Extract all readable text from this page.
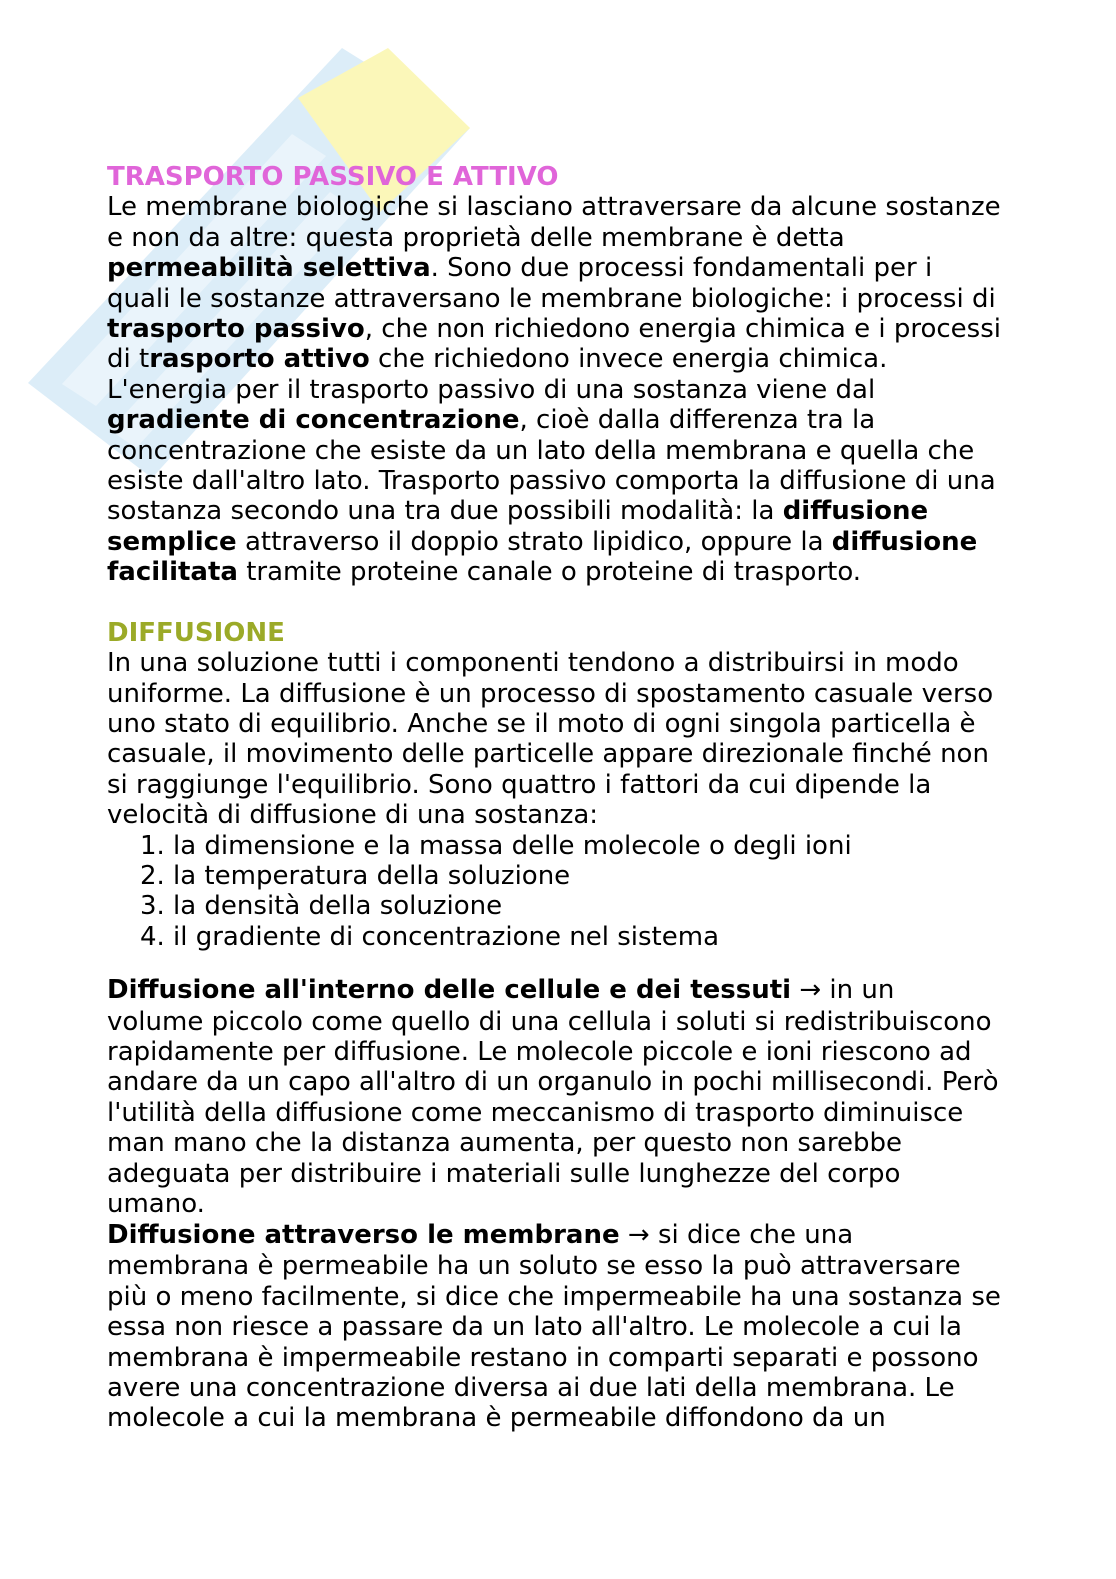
TRASPORTO PASSIVO E ATTIVO
Le membrane biologiche si lasciano attraversare da alcune sostanze
e non da altre: questa proprietà delle membrane è detta
permeabilità selettiva. Sono due processi fondamentali per i
quali le sostanze attraversano le membrane biologiche: i processi di
trasporto passivo, che non richiedono energia chimica e i processi
di trasporto attivo che richiedono invece energia chimica.
L'energia per il trasporto passivo di una sostanza viene dal
gradiente di concentrazione, cioè dalla differenza tra la
concentrazione che esiste da un lato della membrana e quella che
esiste dall'altro lato. Trasporto passivo comporta la diffusione di una
sostanza secondo una tra due possibili modalità: la diffusione
semplice attraverso il doppio strato lipidico, oppure la diffusione
facilitata tramite proteine canale o proteine di trasporto.
DIFFUSIONE
In una soluzione tutti i componenti tendono a distribuirsi in modo
uniforme. La diffusione è un processo di spostamento casuale verso
uno stato di equilibrio. Anche se il moto di ogni singola particella è
casuale, il movimento delle particelle appare direzionale finché non
si raggiunge l'equilibrio. Sono quattro i fattori da cui dipende la
velocità di diffusione di una sostanza:
1. la dimensione e la massa delle molecole o degli ioni
2. la temperatura della soluzione
3. la densità della soluzione
4. il gradiente di concentrazione nel sistema
Diffusione all'interno delle cellule e dei tessuti → in un
volume piccolo come quello di una cellula i soluti si redistribuiscono
rapidamente per diffusione. Le molecole piccole e ioni riescono ad
andare da un capo all'altro di un organulo in pochi millisecondi. Però
l'utilità della diffusione come meccanismo di trasporto diminuisce
man mano che la distanza aumenta, per questo non sarebbe
adeguata per distribuire i materiali sulle lunghezze del corpo
umano.
Diffusione attraverso le membrane → si dice che una
membrana è permeabile ha un soluto se esso la può attraversare
più o meno facilmente, si dice che impermeabile ha una sostanza se
essa non riesce a passare da un lato all'altro. Le molecole a cui la
membrana è impermeabile restano in comparti separati e possono
avere una concentrazione diversa ai due lati della membrana. Le
molecole a cui la membrana è permeabile diffondono da un
